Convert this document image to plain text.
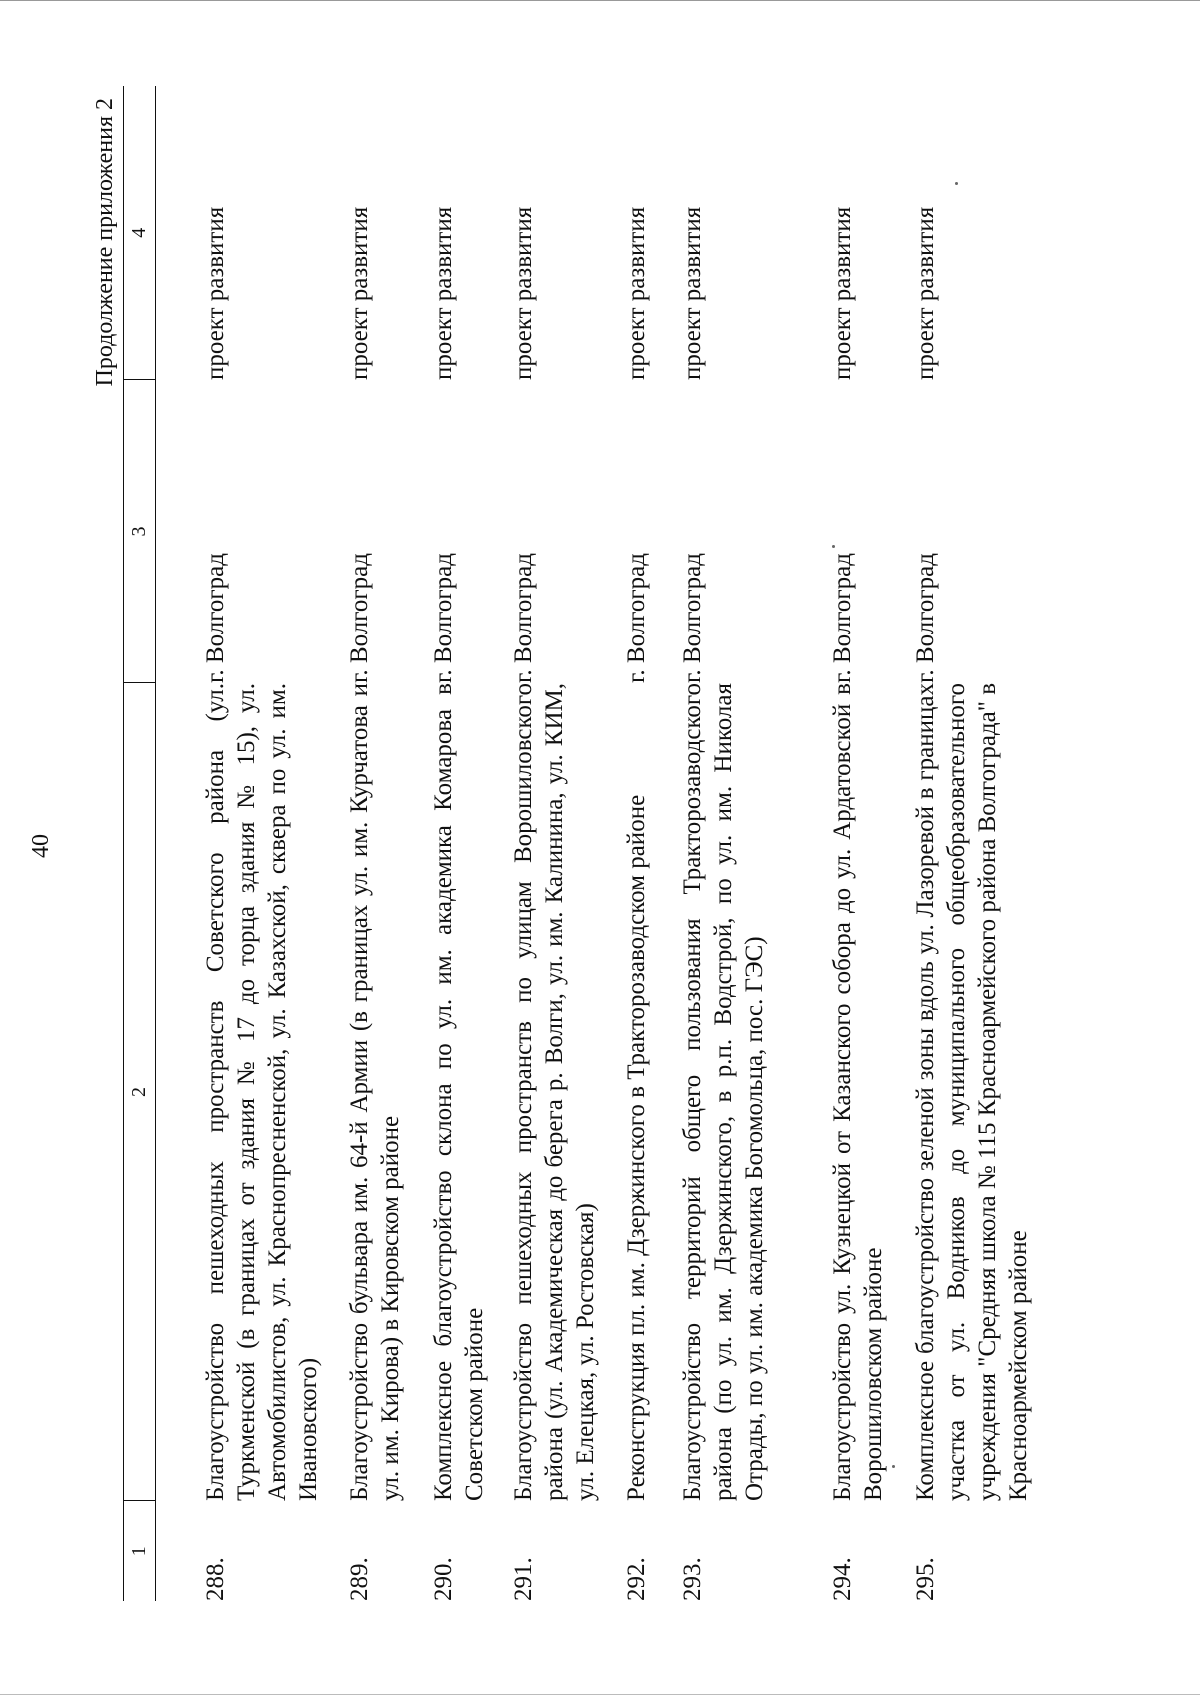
40
Продолжение приложения 2
1	2	3	4
288.	Благоустройство пешеходных пространств Советского района (ул. Туркменской (в границах от здания № 17 до торца здания № 15), ул. Автомобилистов, ул. Краснопресненской, ул. Казахской, сквера по ул. им. Ивановского)	г. Волгоград	проект развития
289.	Благоустройство бульвара им. 64-й Армии (в границах ул. им. Курчатова и ул. им. Кирова) в Кировском районе	г. Волгоград	проект развития
290.	Комплексное благоустройство склона по ул. им. академика Комарова в Советском районе	г. Волгоград	проект развития
291.	Благоустройство пешеходных пространств по улицам Ворошиловского района (ул. Академическая до берега р. Волги, ул. им. Калинина, ул. КИМ, ул. Елецкая, ул. Ростовская)	г. Волгоград	проект развития
292.	Реконструкция пл. им. Дзержинского в Тракторозаводском районе	г. Волгоград	проект развития
293.	Благоустройство территорий общего пользования Тракторозаводского района (по ул. им. Дзержинского, в р.п. Водстрой, по ул. им. Николая Отрады, по ул. им. академика Богомольца, пос. ГЭС)	г. Волгоград	проект развития
294.	Благоустройство ул. Кузнецкой от Казанского собора до ул. Ардатовской в Ворошиловском районе	г. Волгоград	проект развития
295.	Комплексное благоустройство зеленой зоны вдоль ул. Лазоревой в границах участка от ул. Водников до муниципального общеобразовательного учреждения "Средняя школа № 115 Красноармейского района Волгограда" в Красноармейском районе	г. Волгоград	проект развития
